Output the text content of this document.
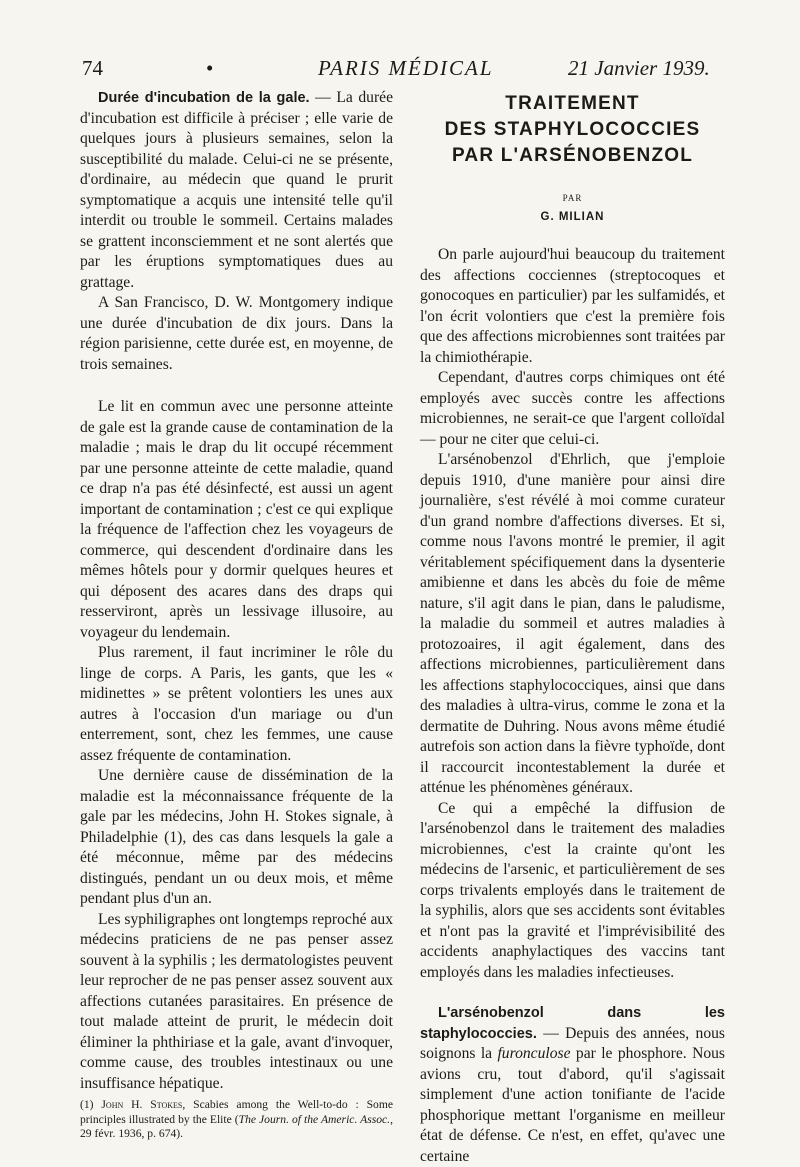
74	•	PARIS MÉDICAL	21 Janvier 1939.

Durée d'incubation de la gale. — La durée d'incubation est difficile à préciser ; elle varie de quelques jours à plusieurs semaines, selon la susceptibilité du malade. Celui-ci ne se présente, d'ordinaire, au médecin que quand le prurit symptomatique a acquis une intensité telle qu'il interdit ou trouble le sommeil. Certains malades se grattent inconsciemment et ne sont alertés que par les éruptions symptomatiques dues au grattage.

A San Francisco, D. W. Montgomery indique une durée d'incubation de dix jours. Dans la région parisienne, cette durée est, en moyenne, de trois semaines.

Le lit en commun avec une personne atteinte de gale est la grande cause de contamination de la maladie ; mais le drap du lit occupé récemment par une personne atteinte de cette maladie, quand ce drap n'a pas été désinfecté, est aussi un agent important de contamination ; c'est ce qui explique la fréquence de l'affection chez les voyageurs de commerce, qui descendent d'ordinaire dans les mêmes hôtels pour y dormir quelques heures et qui déposent des acares dans des draps qui resserviront, après un lessivage illusoire, au voyageur du lendemain.

Plus rarement, il faut incriminer le rôle du linge de corps. A Paris, les gants, que les « midinettes » se prêtent volontiers les unes aux autres à l'occasion d'un mariage ou d'un enterrement, sont, chez les femmes, une cause assez fréquente de contamination.

Une dernière cause de dissémination de la maladie est la méconnaissance fréquente de la gale par les médecins, John H. Stokes signale, à Philadelphie (1), des cas dans lesquels la gale a été méconnue, même par des médecins distingués, pendant un ou deux mois, et même pendant plus d'un an.

Les syphiligraphes ont longtemps reproché aux médecins praticiens de ne pas penser assez souvent à la syphilis ; les dermatologistes peuvent leur reprocher de ne pas penser assez souvent aux affections cutanées parasitaires. En présence de tout malade atteint de prurit, le médecin doit éliminer la phthiriase et la gale, avant d'invoquer, comme cause, des troubles intestinaux ou une insuffisance hépatique.

(1) John H. Stokes, Scabies among the Well-to-do : Some principles illustrated by the Elite (The Journ. of the Americ. Assoc., 29 févr. 1936, p. 674).
TRAITEMENT
DES STAPHYLOCOCCIES
PAR L'ARSÉNOBENZOL
PAR
G. MILIAN

On parle aujourd'hui beaucoup du traitement des affections cocciennes (streptocoques et gonocoques en particulier) par les sulfamidés, et l'on écrit volontiers que c'est la première fois que des affections microbiennes sont traitées par la chimiothérapie.

Cependant, d'autres corps chimiques ont été employés avec succès contre les affections microbiennes, ne serait-ce que l'argent colloïdal — pour ne citer que celui-ci.

L'arsénobenzol d'Ehrlich, que j'emploie depuis 1910, d'une manière pour ainsi dire journalière, s'est révélé à moi comme curateur d'un grand nombre d'affections diverses. Et si, comme nous l'avons montré le premier, il agit véritablement spécifiquement dans la dysenterie amibienne et dans les abcès du foie de même nature, s'il agit dans le pian, dans le paludisme, la maladie du sommeil et autres maladies à protozoaires, il agit également, dans des affections microbiennes, particulièrement dans les affections staphylococciques, ainsi que dans des maladies à ultra-virus, comme le zona et la dermatite de Duhring. Nous avons même étudié autrefois son action dans la fièvre typhoïde, dont il raccourcit incontestablement la durée et atténue les phénomènes généraux.

Ce qui a empêché la diffusion de l'arsénobenzol dans le traitement des maladies microbiennes, c'est la crainte qu'ont les médecins de l'arsenic, et particulièrement de ses corps trivalents employés dans le traitement de la syphilis, alors que ses accidents sont évitables et n'ont pas la gravité et l'imprévisibilité des accidents anaphylactiques des vaccins tant employés dans les maladies infectieuses.

L'arsénobenzol dans les staphylococcies. — Depuis des années, nous soignons la furonculose par le phosphore. Nous avions cru, tout d'abord, qu'il s'agissait simplement d'une action tonifiante de l'acide phosphorique mettant l'organisme en meilleur état de défense. Ce n'est, en effet, qu'avec une certaine
